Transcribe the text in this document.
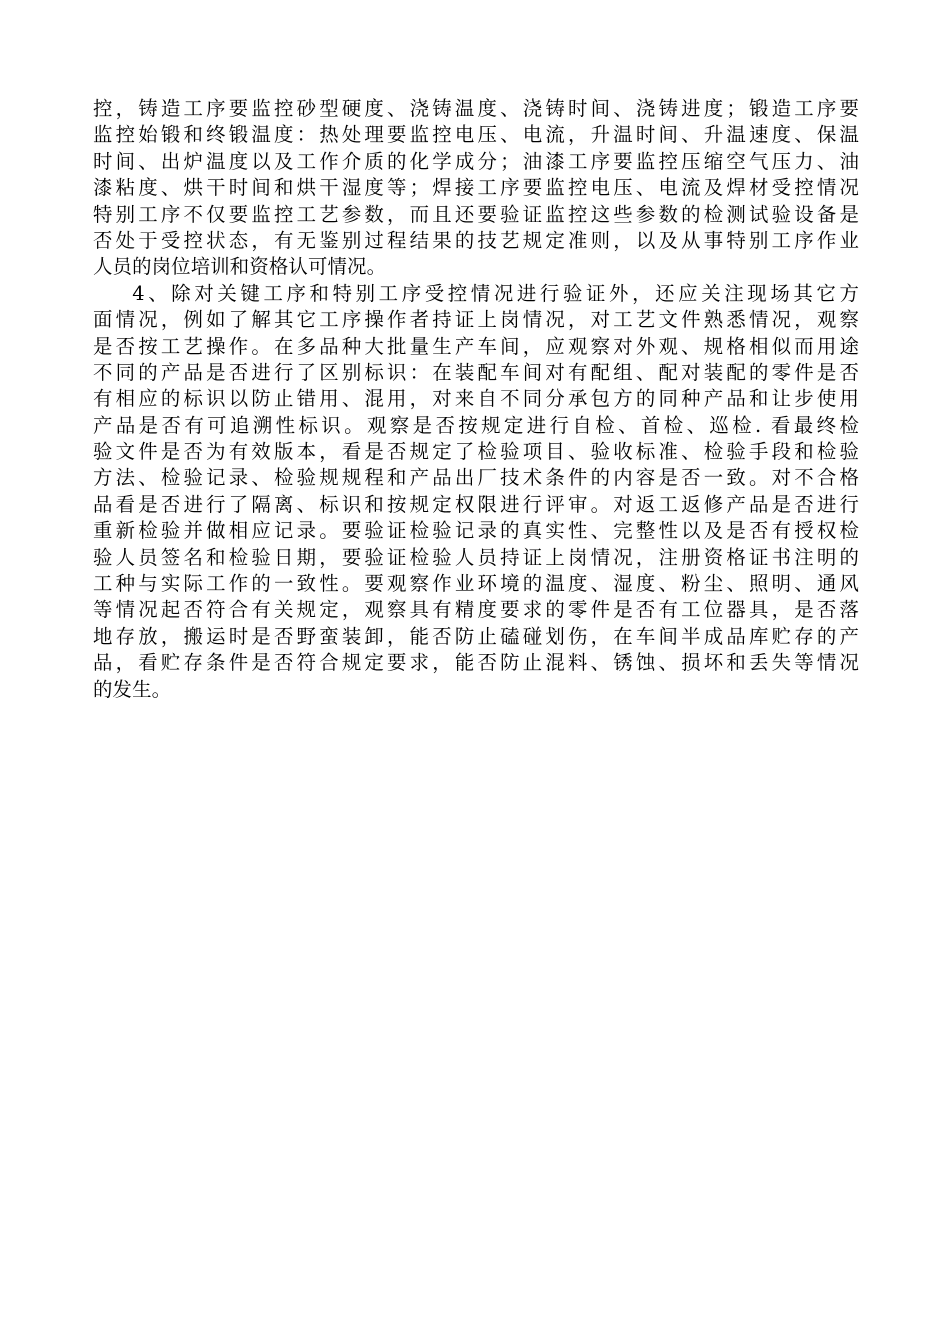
控，铸造工序要监控砂型硬度、浇铸温度、浇铸时间、浇铸进度；锻造工序要
监控始锻和终锻温度：热处理要监控电压、电流，升温时间、升温速度、保温
时间、出炉温度以及工作介质的化学成分；油漆工序要监控压缩空气压力、油
漆粘度、烘干时间和烘干湿度等；焊接工序要监控电压、电流及焊材受控情况
特别工序不仅要监控工艺参数，而且还要验证监控这些参数的检测试验设备是
否处于受控状态，有无鉴别过程结果的技艺规定准则，以及从事特别工序作业
人员的岗位培训和资格认可情况。
4、除对关键工序和特别工序受控情况进行验证外，还应关注现场其它方
面情况，例如了解其它工序操作者持证上岗情况，对工艺文件熟悉情况，观察
是否按工艺操作。在多品种大批量生产车间，应观察对外观、规格相似而用途
不同的产品是否进行了区别标识：在装配车间对有配组、配对装配的零件是否
有相应的标识以防止错用、混用，对来自不同分承包方的同种产品和让步使用
产品是否有可追溯性标识。观察是否按规定进行自检、首检、巡检. 看最终检
验文件是否为有效版本，看是否规定了检验项目、验收标准、检验手段和检验
方法、检验记录、检验规规程和产品出厂技术条件的内容是否一致。对不合格
品看是否进行了隔离、标识和按规定权限进行评审。对返工返修产品是否进行
重新检验并做相应记录。要验证检验记录的真实性、完整性以及是否有授权检
验人员签名和检验日期，要验证检验人员持证上岗情况，注册资格证书注明的
工种与实际工作的一致性。要观察作业环境的温度、湿度、粉尘、照明、通风
等情况起否符合有关规定，观察具有精度要求的零件是否有工位器具，是否落
地存放，搬运时是否野蛮装卸，能否防止磕碰划伤，在车间半成品库贮存的产
品，看贮存条件是否符合规定要求，能否防止混料、锈蚀、损坏和丢失等情况
的发生。
